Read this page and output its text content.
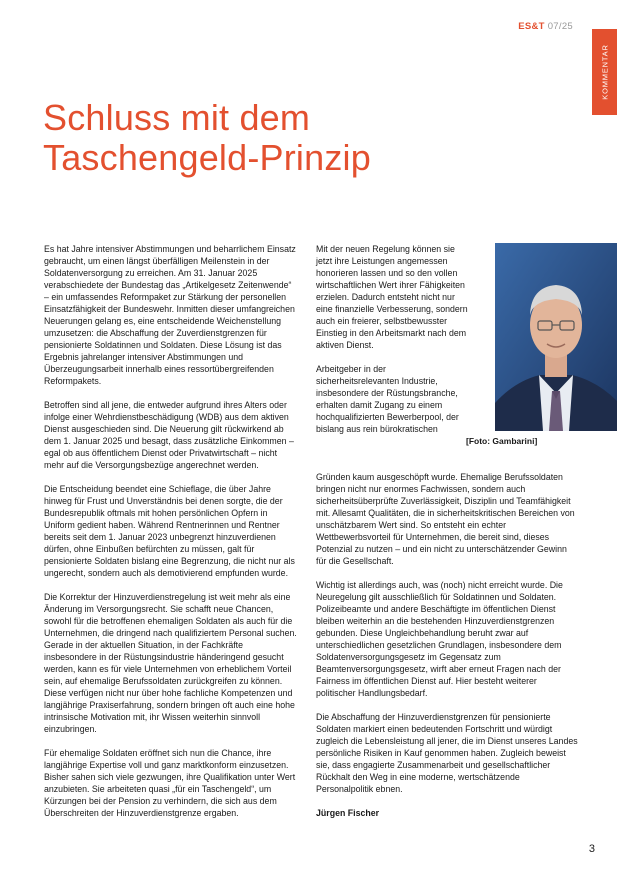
ES&T 07/25
KOMMENTAR
Schluss mit dem
Taschengeld-Prinzip

Es hat Jahre intensiver Abstimmungen und beharrlichem Einsatz gebraucht, um einen längst überfälligen Meilenstein in der Soldatenversorgung zu erreichen. Am 31. Januar 2025 verabschiedete der Bundestag das „Artikelgesetz Zeitenwende“ – ein umfassendes Reformpaket zur Stärkung der personellen Einsatzfähigkeit der Bundeswehr. Inmitten dieser umfangreichen Neuerungen gelang es, eine entscheidende Weichenstellung umzusetzen: die Abschaffung der Zuverdienstgrenzen für pensionierte Soldatinnen und Soldaten. Diese Lösung ist das Ergebnis jahrelanger intensiver Abstimmungen und Überzeugungsarbeit innerhalb eines ressortübergreifenden Reformpakets.

Betroffen sind all jene, die entweder aufgrund ihres Alters oder infolge einer Wehrdienstbeschädigung (WDB) aus dem aktiven Dienst ausgeschieden sind. Die Neuerung gilt rückwirkend ab dem 1. Januar 2025 und besagt, dass zusätzliche Einkommen – egal ob aus öffentlichem Dienst oder Privatwirtschaft – nicht mehr auf die Versorgungsbezüge angerechnet werden.

Die Entscheidung beendet eine Schieflage, die über Jahre hinweg für Frust und Unverständnis bei denen sorgte, die der Bundesrepublik oftmals mit hohen persönlichen Opfern in Uniform gedient haben. Während Rentnerinnen und Rentner bereits seit dem 1. Januar 2023 unbegrenzt hinzuverdienen dürfen, ohne Einbußen befürchten zu müssen, galt für pensionierte Soldaten bislang eine Begrenzung, die nicht nur als ungerecht, sondern auch als demotivierend empfunden wurde.

Die Korrektur der Hinzuverdienstregelung ist weit mehr als eine Änderung im Versorgungsrecht. Sie schafft neue Chancen, sowohl für die betroffenen ehemaligen Soldaten als auch für die Unternehmen, die dringend nach qualifiziertem Personal suchen. Gerade in der aktuellen Situation, in der Fachkräfte insbesondere in der Rüstungsindustrie händeringend gesucht werden, kann es für viele Unternehmen von erheblichem Vorteil sein, auf ehemalige Berufssoldaten zurückgreifen zu können. Diese verfügen nicht nur über hohe fachliche Kompetenzen und langjährige Praxiserfahrung, sondern bringen oft auch eine hohe intrinsische Motivation mit, ihr Wissen weiterhin sinnvoll einzubringen.

Für ehemalige Soldaten eröffnet sich nun die Chance, ihre langjährige Expertise voll und ganz marktkonform einzusetzen. Bisher sahen sich viele gezwungen, ihre Qualifikation unter Wert anzubieten. Sie arbeiteten quasi „für ein Taschengeld“, um Kürzungen bei der Pension zu verhindern, die sich aus dem Überschreiten der Hinzuverdienstgrenze ergaben.

Mit der neuen Regelung können sie jetzt ihre Leistungen angemessen honorieren lassen und so den vollen wirtschaftlichen Wert ihrer Fähigkeiten erzielen. Dadurch entsteht nicht nur eine finanzielle Verbesserung, sondern auch ein freierer, selbstbewusster Einstieg in den Arbeitsmarkt nach dem aktiven Dienst.

Arbeitgeber in der sicherheitsrelevanten Industrie, insbesondere der Rüstungsbranche, erhalten damit Zugang zu einem hochqualifizierten Bewerberpool, der bislang aus rein bürokratischen

[Foto: Gambarini]

Gründen kaum ausgeschöpft wurde. Ehemalige Berufssoldaten bringen nicht nur enormes Fachwissen, sondern auch sicherheitsüberprüfte Zuverlässigkeit, Disziplin und Teamfähigkeit mit. Allesamt Qualitäten, die in sicherheitskritischen Bereichen von unschätzbarem Wert sind. So entsteht ein echter Wettbewerbsvorteil für Unternehmen, die bereit sind, dieses Potenzial zu nutzen – und ein nicht zu unterschätzender Gewinn für die Gesellschaft.

Wichtig ist allerdings auch, was (noch) nicht erreicht wurde. Die Neuregelung gilt ausschließlich für Soldatinnen und Soldaten. Polizeibeamte und andere Beschäftigte im öffentlichen Dienst bleiben weiterhin an die bestehenden Hinzuverdienstgrenzen gebunden. Diese Ungleichbehandlung beruht zwar auf unterschiedlichen gesetzlichen Grundlagen, insbesondere dem Soldatenversorgungsgesetz im Gegensatz zum Beamtenversorgungsgesetz, wirft aber erneut Fragen nach der Fairness im öffentlichen Dienst auf. Hier besteht weiterer politischer Handlungsbedarf.

Die Abschaffung der Hinzuverdienstgrenzen für pensionierte Soldaten markiert einen bedeutenden Fortschritt und würdigt zugleich die Lebensleistung all jener, die im Dienst unseres Landes persönliche Risiken in Kauf genommen haben. Zugleich beweist sie, dass engagierte Zusammenarbeit und gesellschaftlicher Rückhalt den Weg in eine moderne, wertschätzende Personalpolitik ebnen.

Jürgen Fischer

3
